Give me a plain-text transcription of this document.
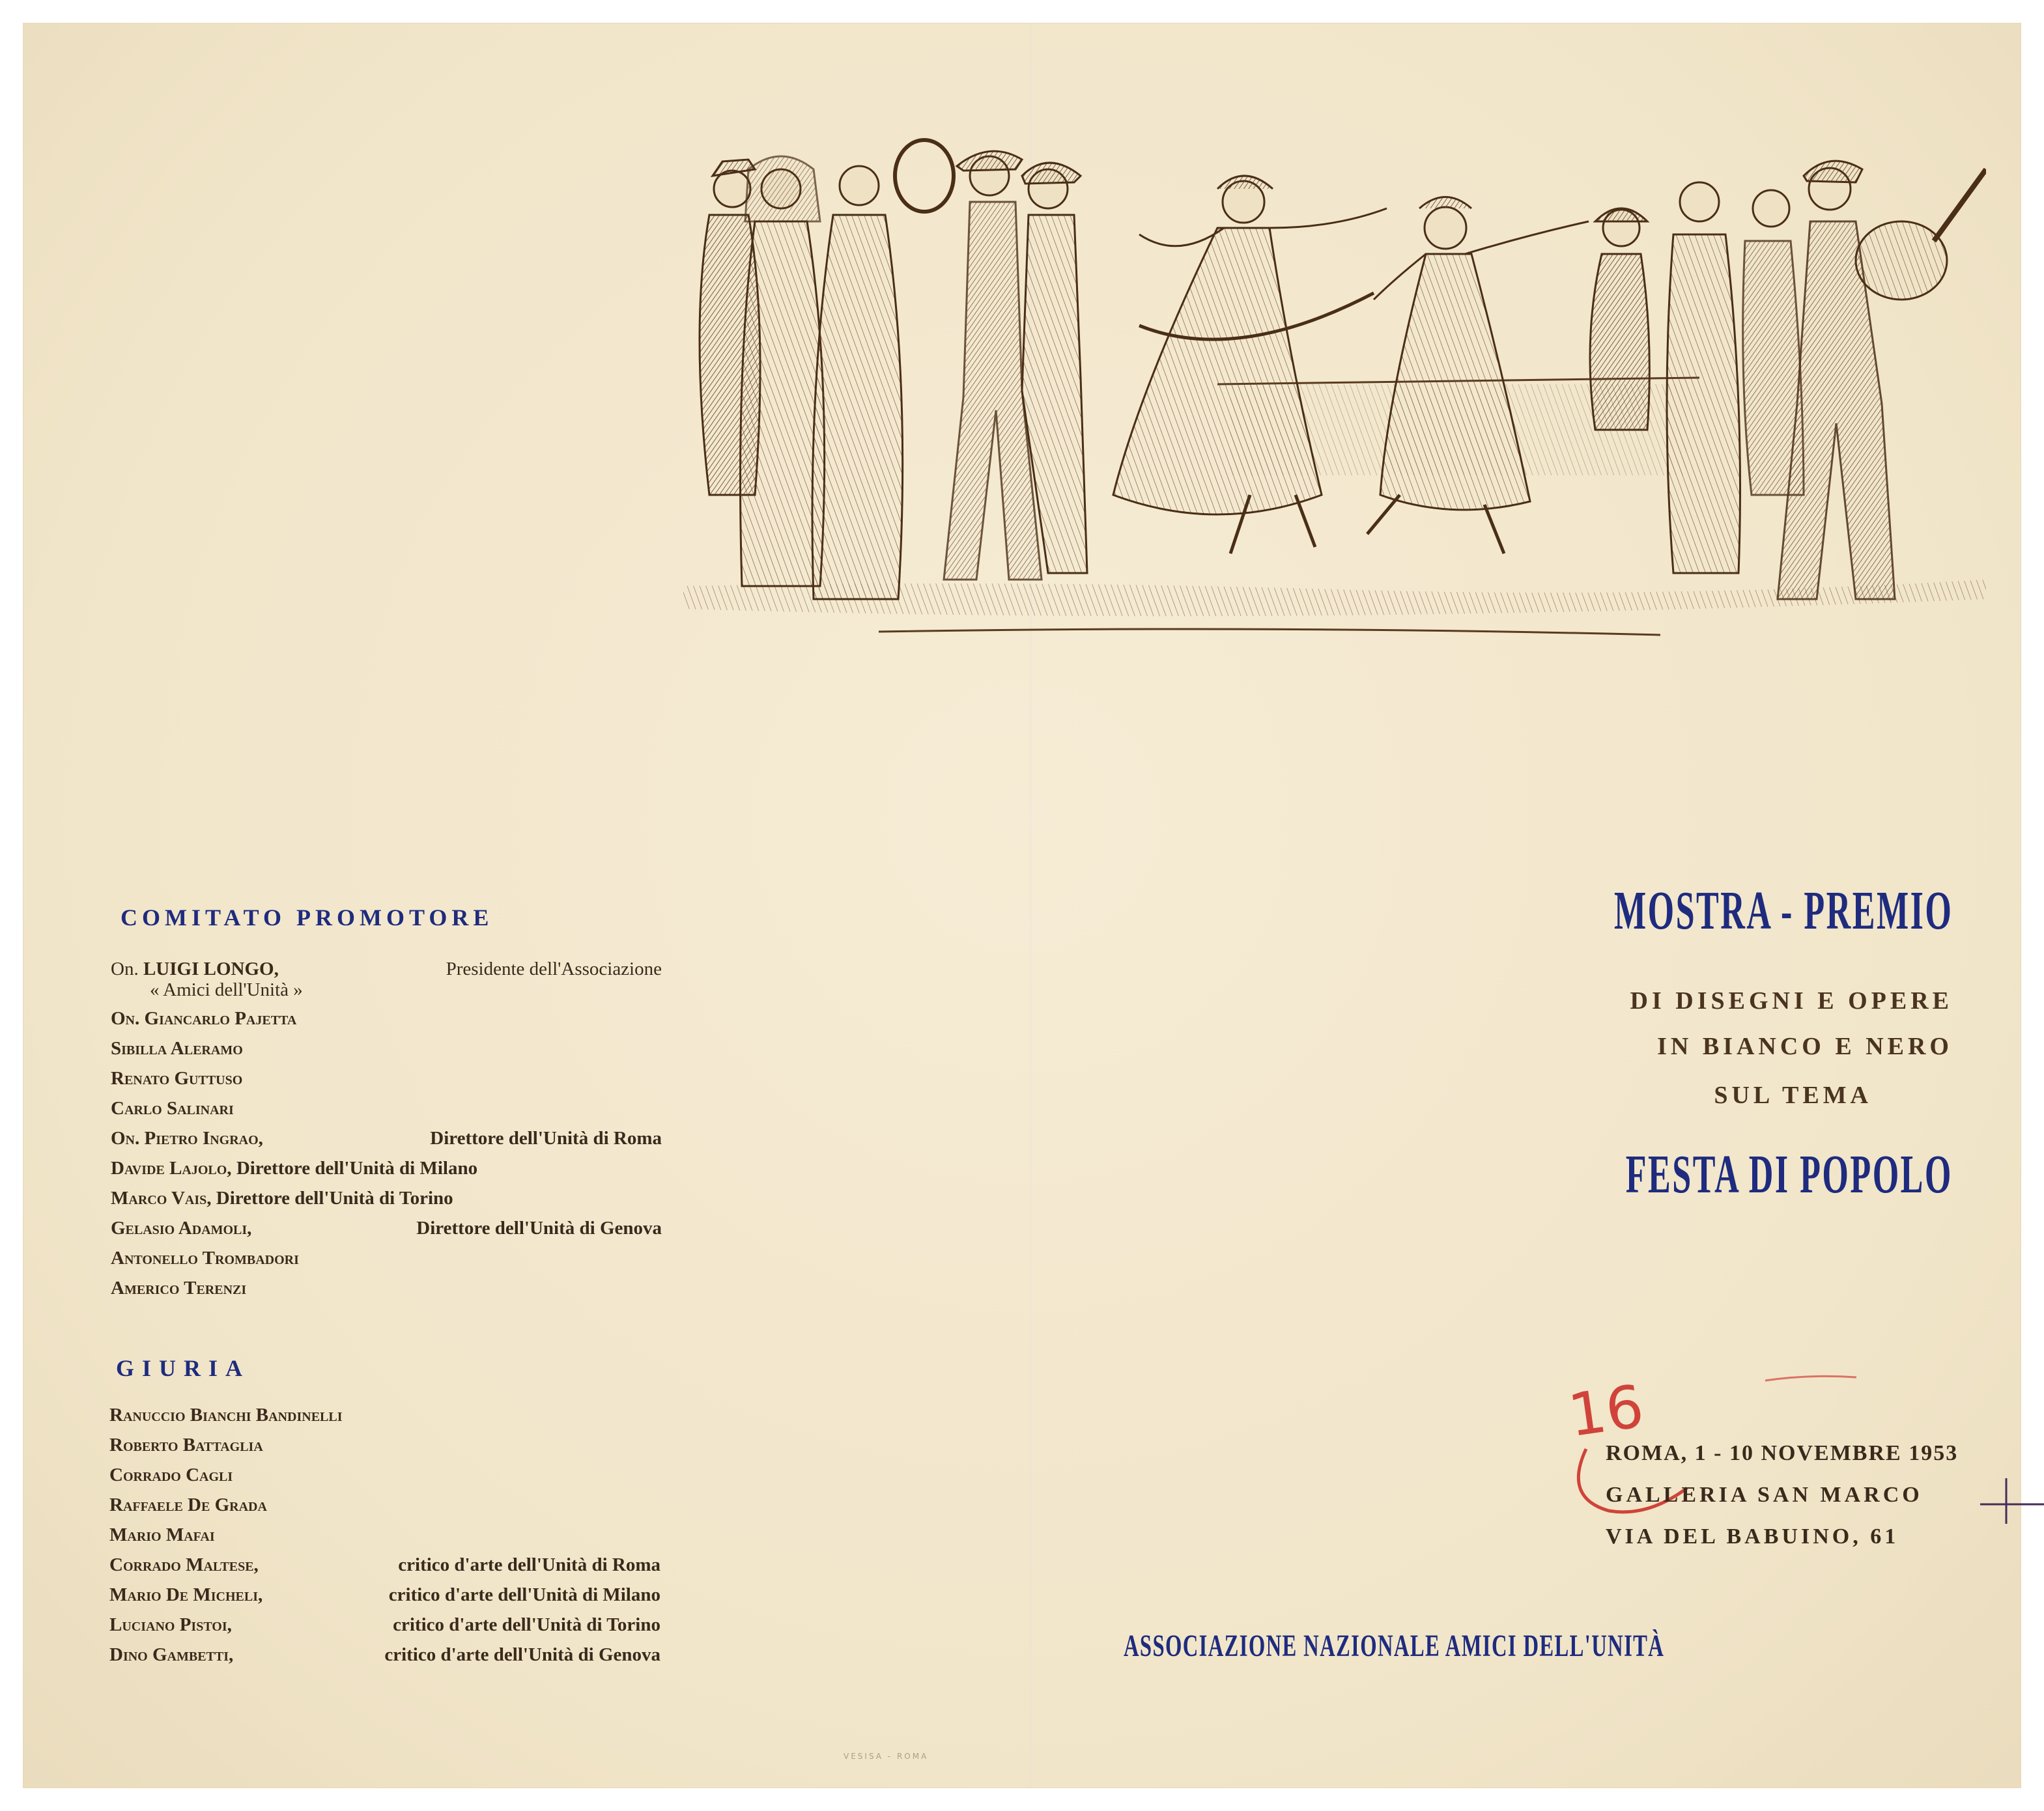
COMITATO PROMOTORE
On. LUIGI LONGO,	Presidente dell'Associazione
« Amici dell'Unità »
On. Giancarlo Pajetta
Sibilla Aleramo
Renato Guttuso
Carlo Salinari
On. Pietro Ingrao,	Direttore dell'Unità di Roma
Davide Lajolo, Direttore dell'Unità di Milano
Marco Vais, Direttore dell'Unità di Torino
Gelasio Adamoli,	Direttore dell'Unità di Genova
Antonello Trombadori
Americo Terenzi
GIURIA
Ranuccio Bianchi Bandinelli
Roberto Battaglia
Corrado Cagli
Raffaele De Grada
Mario Mafai
Corrado Maltese,	critico d'arte dell'Unità di Roma
Mario De Micheli,	critico d'arte dell'Unità di Milano
Luciano Pistoi,	critico d'arte dell'Unità di Torino
Dino Gambetti,	critico d'arte dell'Unità di Genova
MOSTRA - PREMIO
DI DISEGNI E OPERE
IN BIANCO E NERO
SUL TEMA
FESTA DI POPOLO
16
ROMA, 1 - 10 NOVEMBRE 1953
GALLERIA SAN MARCO
VIA DEL BABUINO, 61
ASSOCIAZIONE NAZIONALE AMICI DELL'UNITÀ
VESISA - ROMA
